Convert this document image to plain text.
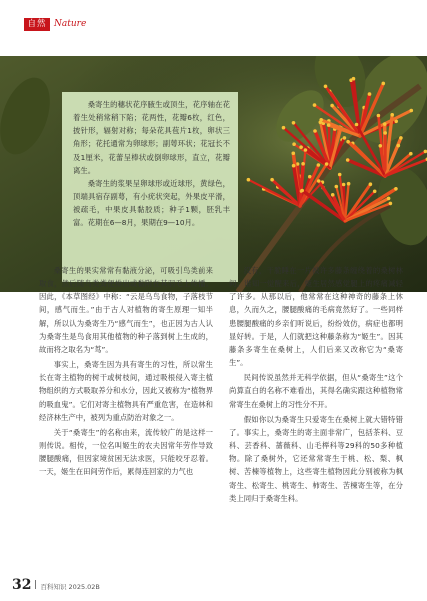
自然 Nature

桑寄生的穗状花序腋生或顶生，花序轴在花着生处稍常稍下陷；花两性，花瓣6枚，红色，披针形，辐射对称；每朵花具苞片1枚，卵状三角形；花托通常为卵球形；副萼环状；花冠长不及1厘米，花蕾呈棒状或倒卵球形，直立，花瓣离生。

桑寄生的浆果呈卵球形或近球形，黄绿色，顶端具宿存副萼，有小疣状突起，外果皮平滑，被疏毛，中果皮具黏胶质；种子1颗，胚乳丰富。花期在6—8月，果期在9—10月。

桑寄生的果实常常有黏液分泌，可吸引鸟类前来取食，然后随鸟类粪便排出或黏附在其羽毛上传播。因此，《本草图经》中称：“云是乌鸟食物，子落枝节间，感气而生。”由于古人对植物的寄生原理一知半解，所以认为桑寄生乃“感气而生”，也正因为古人认为桑寄生是鸟食用其他植物的种子落到树上生成的，故而将之取名为“茑”。

事实上，桑寄生因为具有寄生的习性，所以常生长在寄主植物的树干或树枝间，通过吸根侵入寄主植物组织的方式吸取养分和水分，因此又被称为“植物界的吸血鬼”。它们对寄主植物具有严重危害，在造林和经济林生产中，被列为重点防治对象之一。

关于“桑寄生”的名称由来，流传较广的是这样一则传说。相传，一位名叫姬生的农夫因常年劳作导致腰腿酸痛，但因家境贫困无法求医，只能咬牙忍着。一天，姬生在田间劳作后，累得连回家的力气也

没有，干脆睡在一片被许多藤条缠绕着的桑树林间。谁知一觉醒来后，姬生居然感觉腿上的疼痛减轻了许多。从那以后，他常常在这种神奇的藤条上休息，久而久之，腰腿酸痛的毛病竟然好了。一些同样患腰腿酸痛的乡亲们听说后，纷纷效仿，病症也都明显好转。于是，人们就把这种藤条称为“姬生”。因其藤条多寄生在桑树上，人们后来又改称它为“桑寄生”。

民间传说虽然并无科学依据，但从“桑寄生”这个尚算直白的名称不难看出，其得名确实跟这种植物常常寄生在桑树上的习性分不开。

假如你以为桑寄生只爱寄生在桑树上就大错特错了。事实上，桑寄生的寄主面非常广，包括茶科、豆科、芸香科、蔷薇科、山毛榉科等29科的50多种植物。除了桑树外，它还常常寄生于桃、松、梨、枫树、苦楝等植物上，这些寄生植物因此分别被称为枫寄生、松寄生、桃寄生、柿寄生、苦楝寄生等，在分类上同归于桑寄生科。

32 百科知识 2025.02B
